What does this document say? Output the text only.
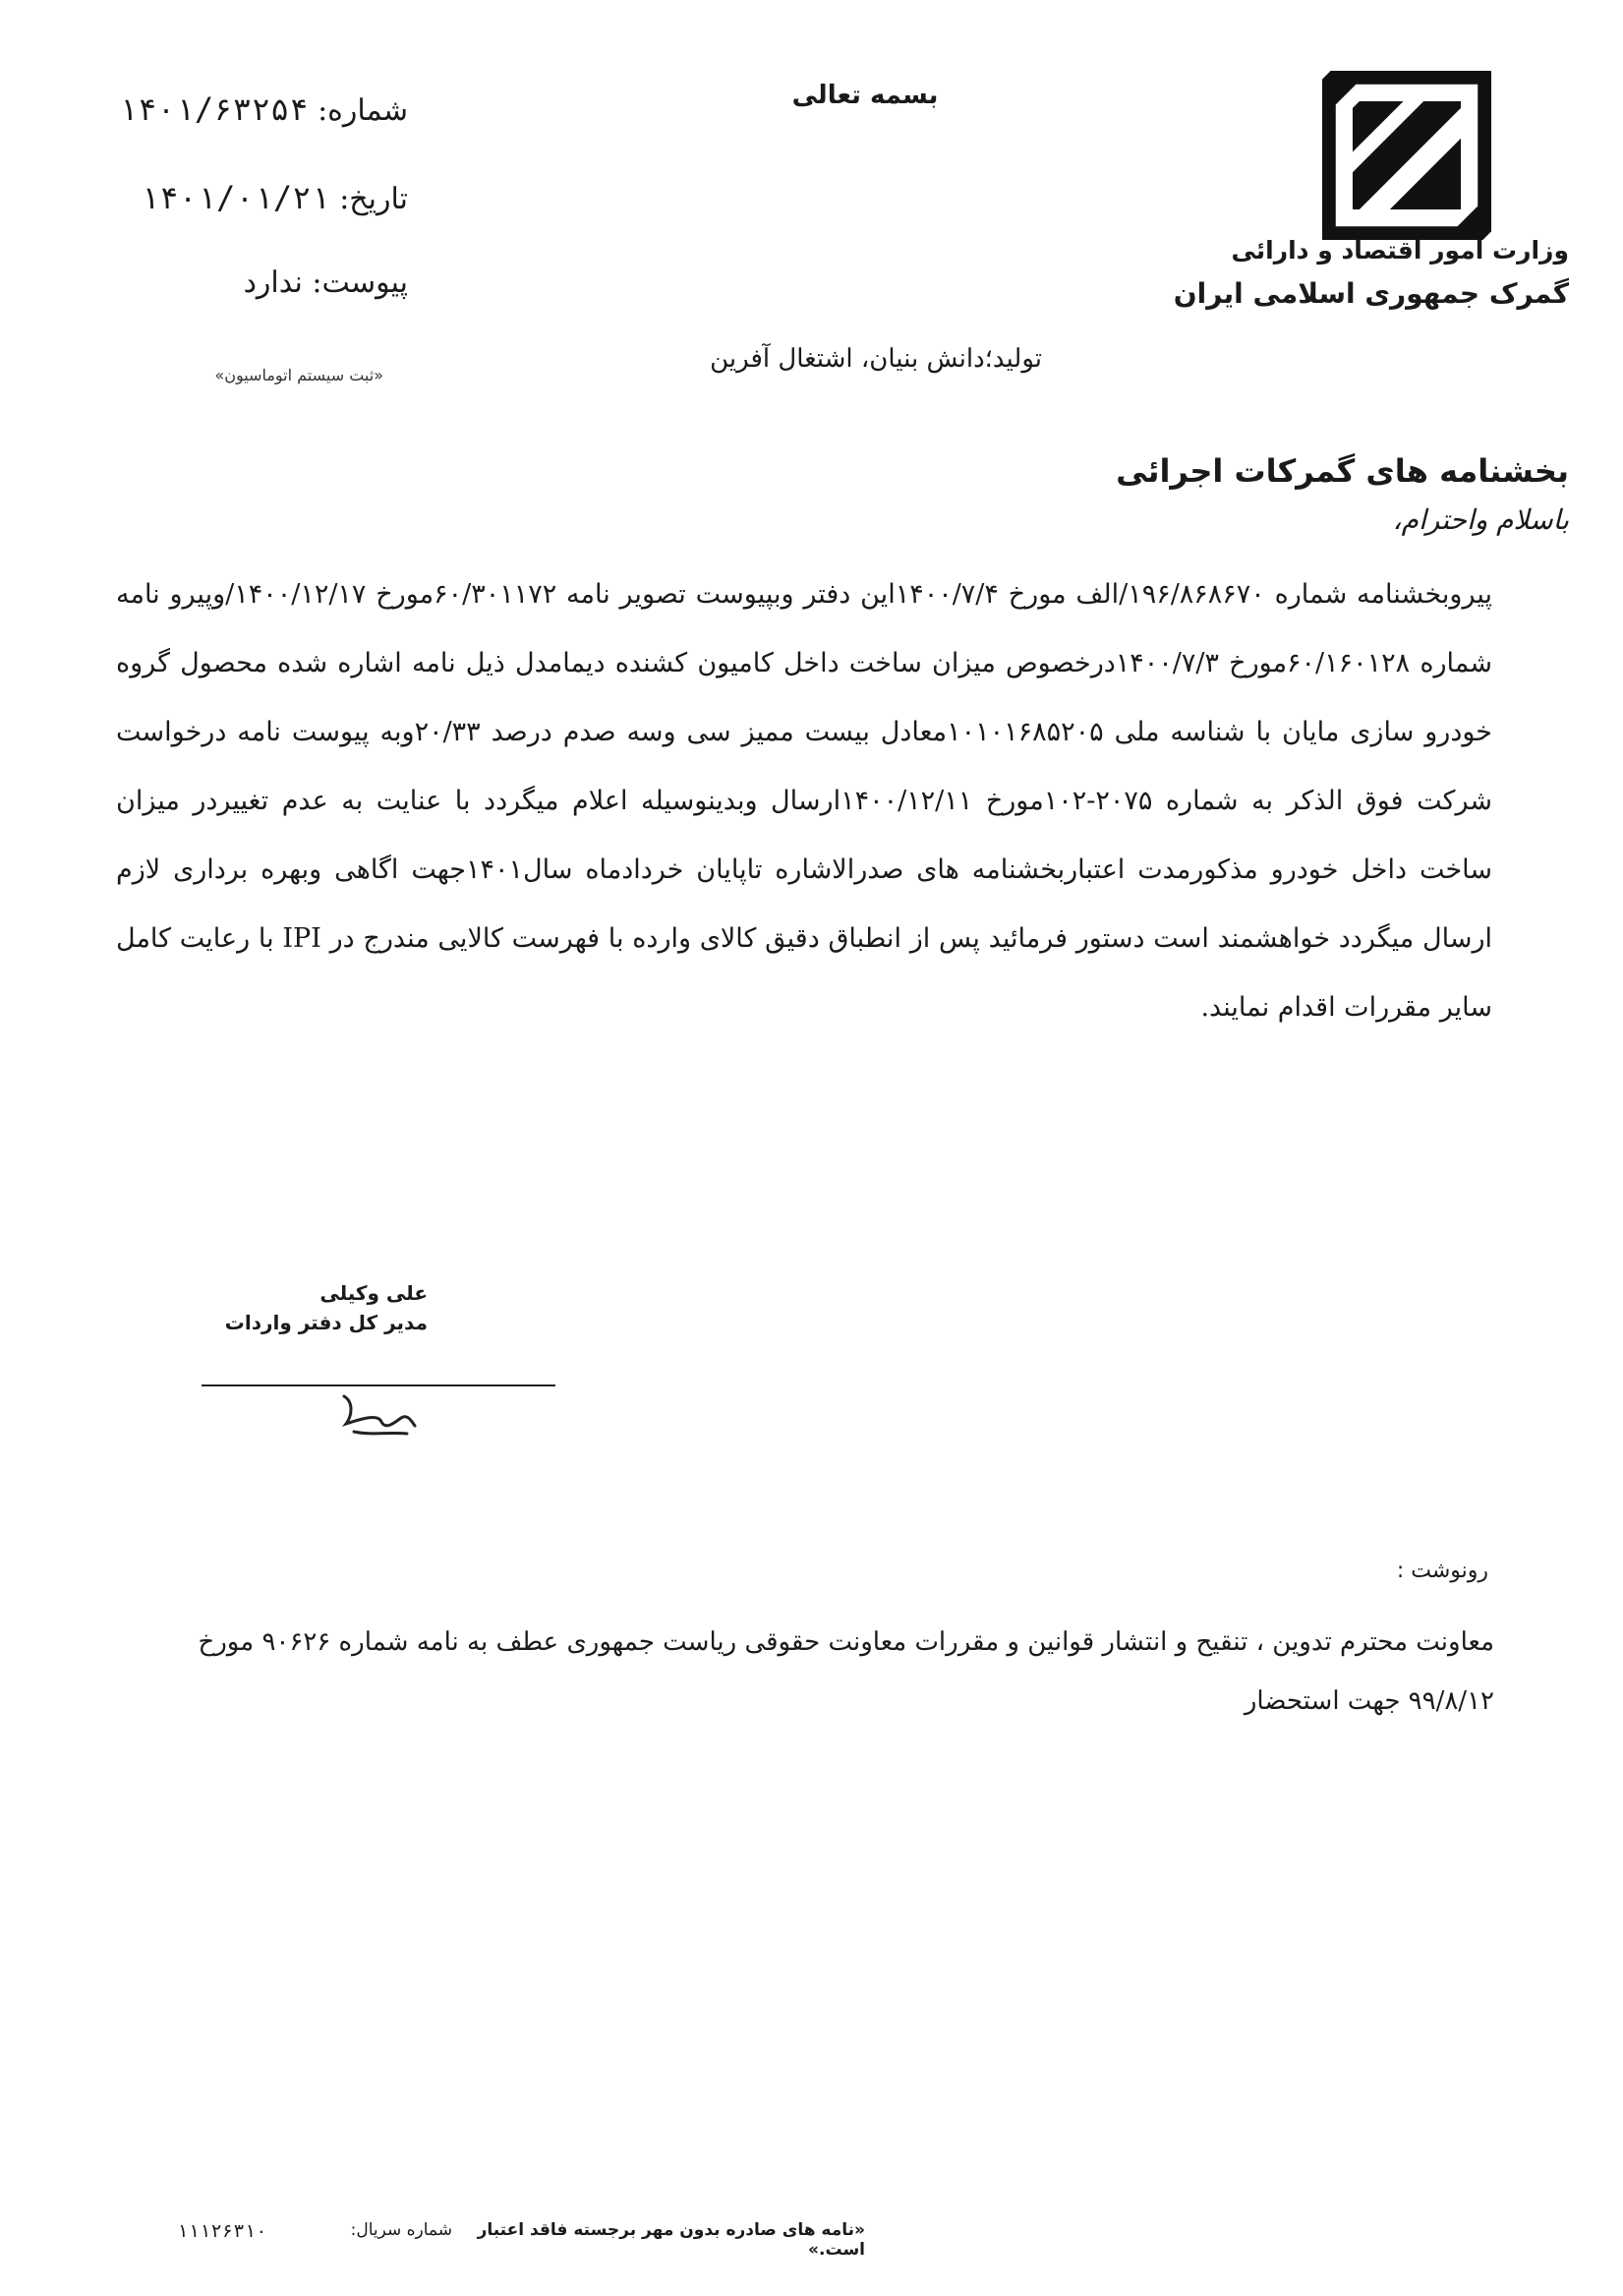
وزارت امور اقتصاد و دارائی
گمرک جمهوری اسلامی ایران
بسمه تعالی
شماره: ۱۴۰۱/۶۳۲۵۴
تاریخ: ۱۴۰۱/۰۱/۲۱
پیوست: ندارد
«ثبت سیستم اتوماسیون»
تولید؛دانش بنیان، اشتغال آفرین
بخشنامه های گمرکات اجرائی
باسلام واحترام،
پیروبخشنامه شماره ۱۹۶/۸۶۸۶۷۰/الف مورخ ۱۴۰۰/۷/۴این دفتر وبپیوست تصویر نامه ۶۰/۳۰۱۱۷۲مورخ ۱۴۰۰/۱۲/۱۷/وپیرو نامه شماره ۶۰/۱۶۰۱۲۸مورخ ۱۴۰۰/۷/۳درخصوص میزان ساخت داخل کامیون کشنده دیمامدل ذیل نامه اشاره شده محصول گروه خودرو سازی مایان با شناسه ملی ۱۰۱۰۱۶۸۵۲۰۵معادل بیست ممیز سی وسه صدم درصد ۲۰/۳۳وبه پیوست نامه درخواست شرکت فوق الذکر به شماره ۲۰۷۵-۱۰۲مورخ ۱۴۰۰/۱۲/۱۱ارسال وبدینوسیله اعلام میگردد با عنایت به عدم تغییردر میزان ساخت داخل خودرو مذکورمدت اعتباربخشنامه های صدرالاشاره تاپایان خردادماه سال۱۴۰۱جهت اگاهی وبهره برداری لازم ارسال میگردد خواهشمند است دستور فرمائید پس از انطباق دقیق کالای وارده با فهرست کالایی مندرج در IPI با رعایت کامل سایر مقررات اقدام نمایند.
علی وکیلی
مدیر کل دفتر واردات
رونوشت :
معاونت محترم تدوین ، تنقیح و انتشار قوانین و مقررات معاونت حقوقی ریاست جمهوری عطف به نامه شماره ۹۰۶۲۶ مورخ ۹۹/۸/۱۲ جهت استحضار
«نامه های صادره بدون مهر برجسته فاقد اعتبار است.»
شماره سریال:
۱۱۱۲۶۳۱۰
